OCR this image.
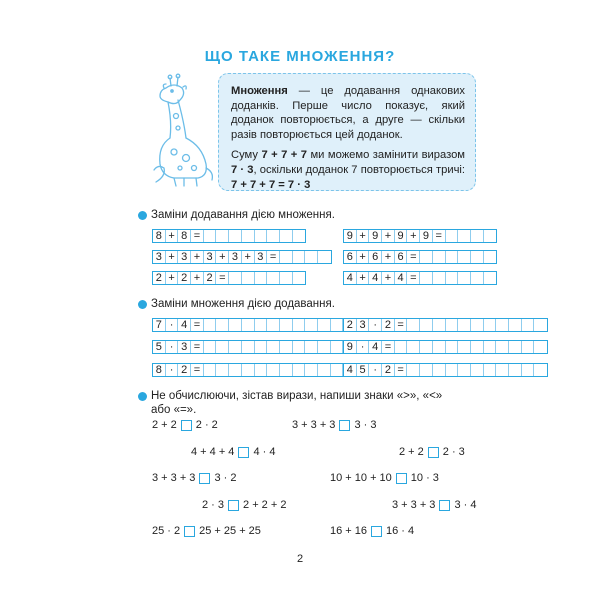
ЩО ТАКЕ МНОЖЕННЯ?

Множення — це додавання однакових доданків. Перше число показує, який доданок повторюється, а друге — скільки разів повторюється цей доданок.

Суму 7 + 7 + 7 ми можемо замінити виразом 7 · 3, оскільки доданок 7 повторюється тричі: 7 + 7 + 7 = 7 · 3

Заміни додавання дією множення.
8 + 8 =	9 + 9 + 9 + 9 =
3 + 3 + 3 + 3 + 3 =	6 + 6 + 6 =
2 + 2 + 2 =	4 + 4 + 4 =
Заміни множення дією додавання.
7 · 4 =	2 3 · 2 =
5 · 3 =	9 · 4 =
8 · 2 =	4 5 · 2 =
Не обчислюючи, зістав вирази, напиши знаки «>», «<»
або «=».
2 + 2 2 · 2	3 + 3 + 3 3 · 3
4 + 4 + 4 4 · 4	2 + 2 2 · 3
3 + 3 + 3 3 · 2	10 + 10 + 10 10 · 3
2 · 3 2 + 2 + 2	3 + 3 + 3 3 · 4
25 · 2 25 + 25 + 25	16 + 16 16 · 4
2
